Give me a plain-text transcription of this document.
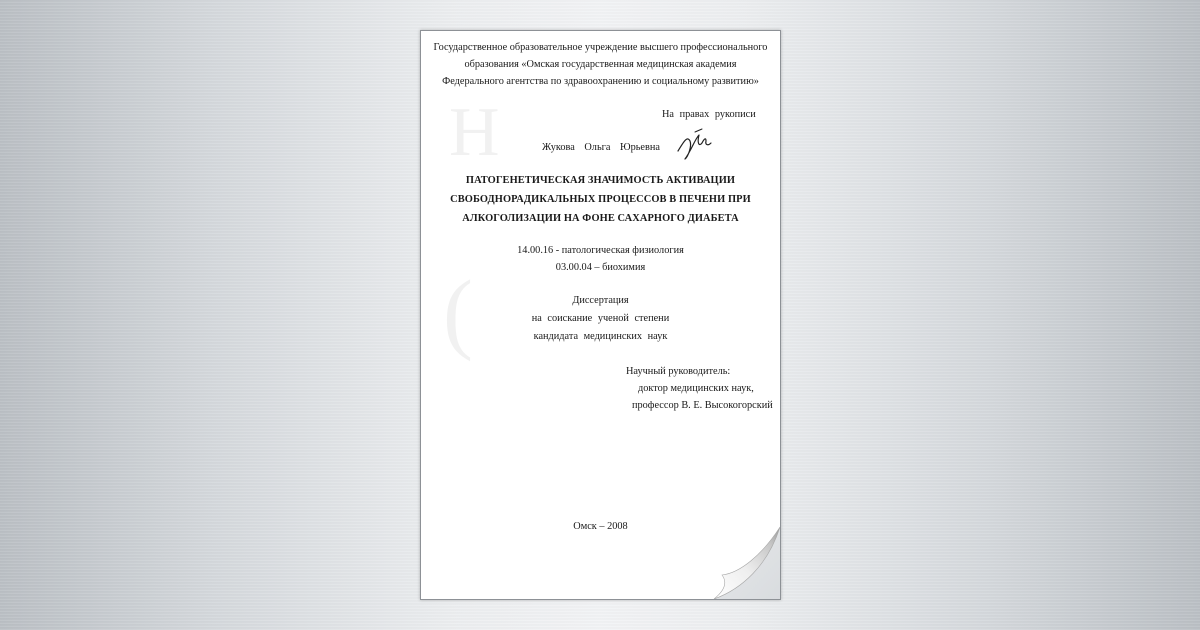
Н
(
Государственное образовательное учреждение высшего профессионального
образования «Омская государственная медицинская академия
Федерального агентства по здравоохранению и социальному развитию»
На правах рукописи
Жукова Ольга Юрьевна
ПАТОГЕНЕТИЧЕСКАЯ ЗНАЧИМОСТЬ АКТИВАЦИИ
СВОБОДНОРАДИКАЛЬНЫХ ПРОЦЕССОВ В ПЕЧЕНИ ПРИ
АЛКОГОЛИЗАЦИИ НА ФОНЕ САХАРНОГО ДИАБЕТА
14.00.16 - патологическая физиология
03.00.04 – биохимия
Диссертация
на соискание ученой степени
кандидата медицинских наук
Научный руководитель:
доктор медицинских наук,
профессор В. Е. Высокогорский
Омск – 2008
